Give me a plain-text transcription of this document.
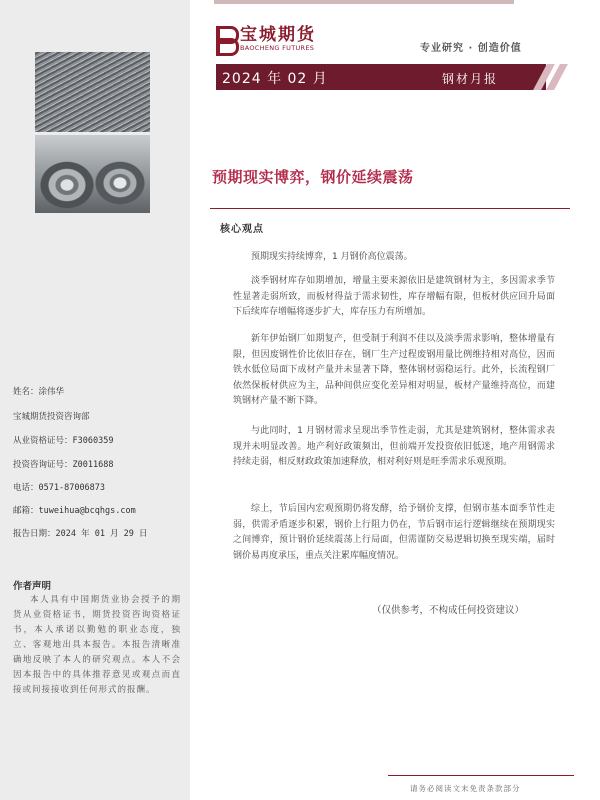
宝城期货
BAOCHENG FUTURES	专业研究 · 创造价值
2024 年 02 月	钢材月报
预期现实博弈，钢价延续震荡
核心观点

预期现实持续博弈，1 月钢价高位震荡。

淡季钢材库存如期增加，增量主要来源依旧是建筑钢材为主，多因需求季节性显著走弱所致，而板材得益于需求韧性，库存增幅有限，但板材供应回升局面下后续库存增幅将逐步扩大，库存压力有所增加。

新年伊始钢厂如期复产，但受制于利润不佳以及淡季需求影响，整体增量有限，但因废钢性价比依旧存在，钢厂生产过程废钢用量比例维持相对高位，因而铁水低位局面下成材产量并未显著下降，整体钢材弱稳运行。此外，长流程钢厂依然保板材供应为主，品种间供应变化差异相对明显，板材产量维持高位，而建筑钢材产量不断下降。

与此同时，1 月钢材需求呈现出季节性走弱，尤其是建筑钢材，整体需求表现并未明显改善。地产利好政策频出，但前端开发投资依旧低迷，地产用钢需求持续走弱，相反财政政策加速释放，相对利好则是旺季需求乐观预期。

综上，节后国内宏观预期仍将发酵，给予钢价支撑，但钢市基本面季节性走弱，供需矛盾逐步积累，钢价上行阻力仍在，节后钢市运行逻辑继续在预期现实之间博弈，预计钢价延续震荡上行局面，但需谨防交易逻辑切换至现实端，届时钢价易再度承压，重点关注累库幅度情况。

（仅供参考，不构成任何投资建议）
姓名：涂伟华
宝城期货投资咨询部
从业资格证号：F3060359
投资咨询证号：Z0011688
电话：0571-87006873
邮箱：tuweihua@bcqhgs.com
报告日期：2024 年 01 月 29 日
作者声明

本人具有中国期货业协会授予的期货从业资格证书，期货投资咨询资格证书，本人承诺以勤勉的职业态度，独立、客观地出具本报告。本报告清晰准确地反映了本人的研究观点。本人不会因本报告中的具体推荐意见或观点而直接或间接接收到任何形式的报酬。

请务必阅读文末免责条款部分
